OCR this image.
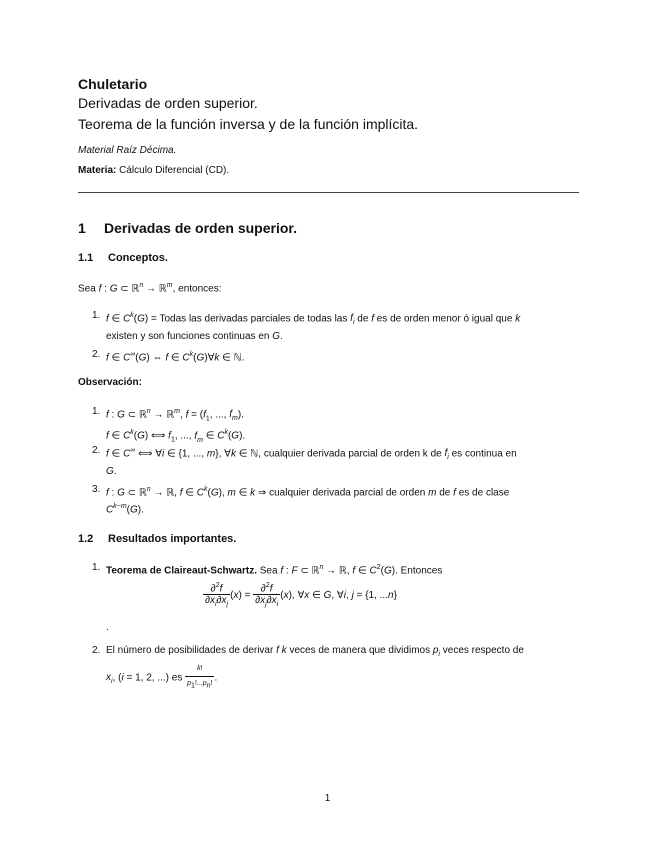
Chuletario
Derivadas de orden superior.
Teorema de la función inversa y de la función implícita.
Material Raíz Décima.
Materia: Cálculo Diferencial (CD).
1 Derivadas de orden superior.
1.1 Conceptos.
Sea f : G ⊂ ℝ$^n$ → ℝ$^m$, entonces:
1. f ∈ $C^k(G)$ = Todas las derivadas parciales de todas las $f_i$ de f es de orden menor ó igual que k
existen y son funciones continuas en G.
2. f ∈ C∞(G) ⇔ f ∈ $C^k(G)\forall k$ ∈ ℕ.
Observación:
1. f : G ⊂ ℝ$^n$ → ℝ$^m$, $f = (f_1$, ..., $f_m$).
f ∈ $C^k(G)$ ⟺ $f_1$, ..., $f_m$ ∈ $C^k(G)$.
2. f ∈ C∞ ⟺ ∀i ∈ {1, ..., m}, ∀k ∈ ℕ, cualquier derivada parcial de orden k de $f_i$ es continua en
G.
3. f : G ⊂ ℝ$^n$ → ℝ, f ∈ $C^k(G)$, m ∈ k ⇒ cualquier derivada parcial de orden m de f es de clase
$C^{k-m}(G)$.
1.2 Resultados importantes.
1. Teorema de Claireaut-Schwartz. Sea f : F ⊂ ℝ$^n$ → ℝ, f ∈ $C^2(G)$. Entonces
$\frac{\partial^2f}{\partial x_i\partial x_j} (x) = \frac{\partial^2f}{\partial x_j\partial x_i} (x)$, ∀x ∈ G, ∀i, j = {1, ...n}
.
2. El número de posibilidades de derivar f k veces de manera que dividimos $p_i$ veces respecto de
$x_i$, (i = 1, 2, ...) es $\frac{k!}{p_1!...p_n!}$ .
1
